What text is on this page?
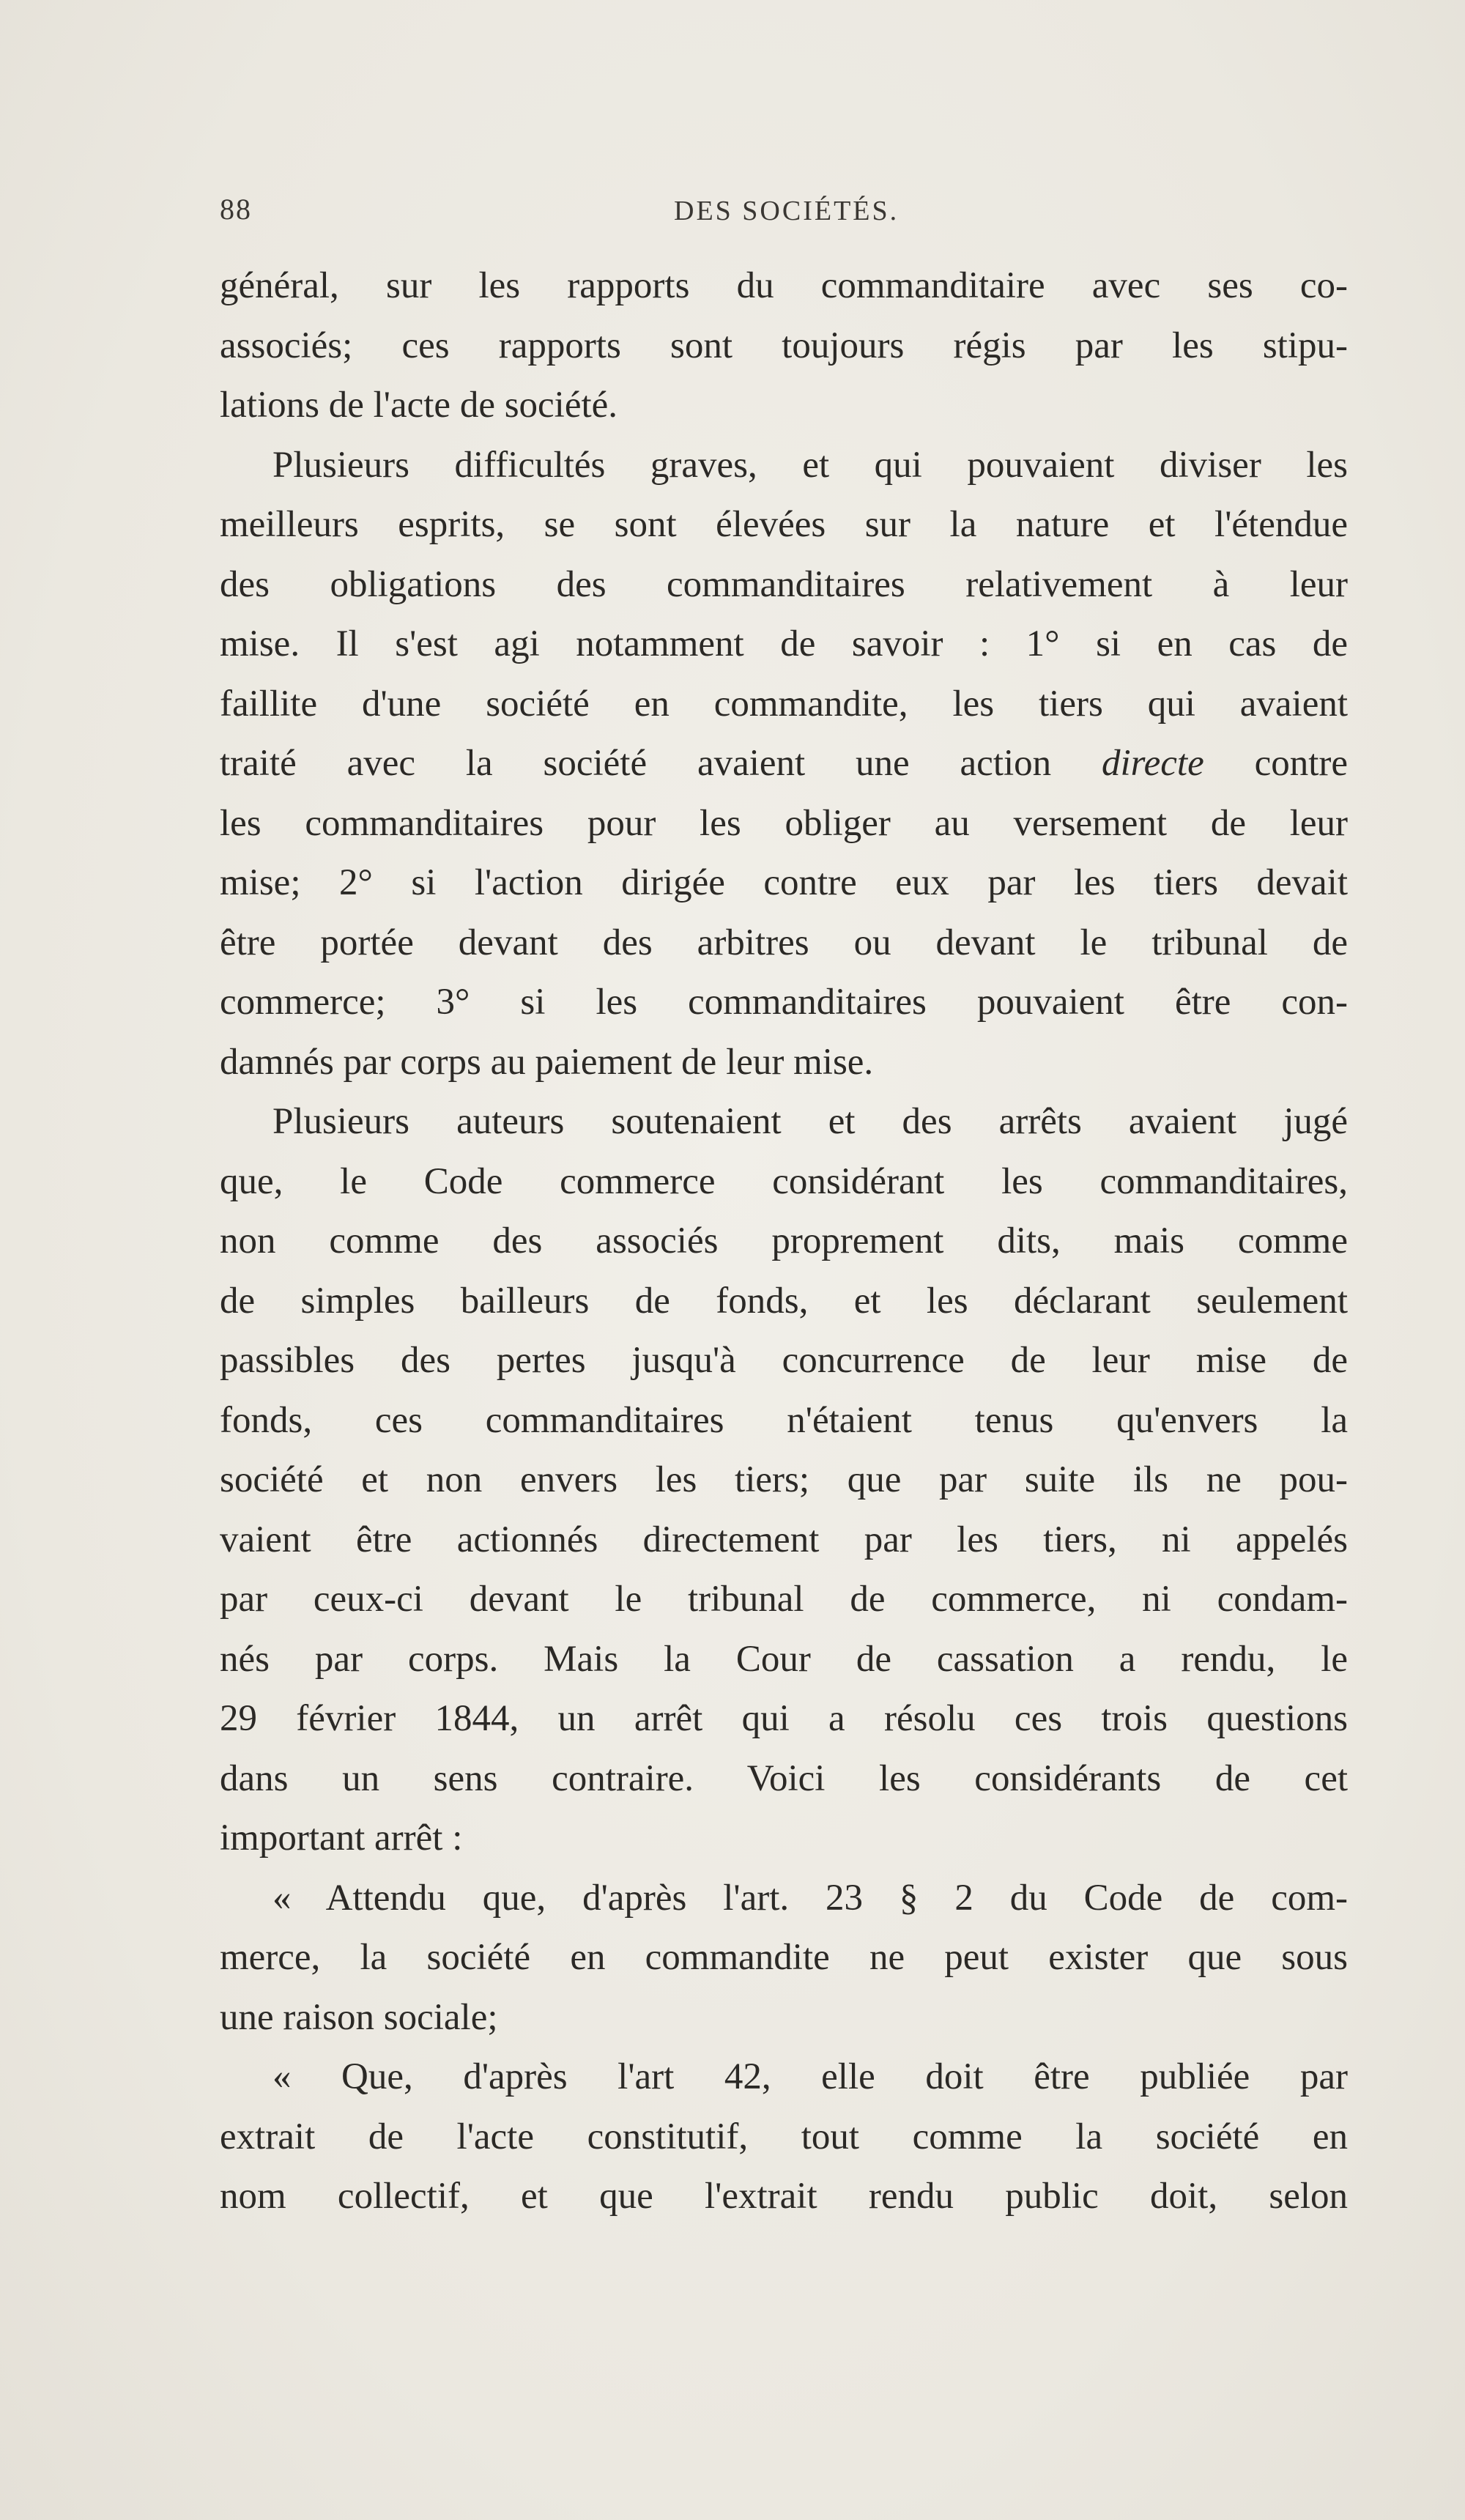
88	DES SOCIÉTÉS.
général, sur les rapports du commanditaire avec ses co-
associés; ces rapports sont toujours régis par les stipu-
lations de l'acte de société.
Plusieurs difficultés graves, et qui pouvaient diviser les
meilleurs esprits, se sont élevées sur la nature et l'étendue
des obligations des commanditaires relativement à leur
mise. Il s'est agi notamment de savoir : 1° si en cas de
faillite d'une société en commandite, les tiers qui avaient
traité avec la société avaient une action directe contre
les commanditaires pour les obliger au versement de leur
mise; 2° si l'action dirigée contre eux par les tiers devait
être portée devant des arbitres ou devant le tribunal de
commerce; 3° si les commanditaires pouvaient être con-
damnés par corps au paiement de leur mise.
Plusieurs auteurs soutenaient et des arrêts avaient jugé
que, le Code commerce considérant les commanditaires,
non comme des associés proprement dits, mais comme
de simples bailleurs de fonds, et les déclarant seulement
passibles des pertes jusqu'à concurrence de leur mise de
fonds, ces commanditaires n'étaient tenus qu'envers la
société et non envers les tiers; que par suite ils ne pou-
vaient être actionnés directement par les tiers, ni appelés
par ceux-ci devant le tribunal de commerce, ni condam-
nés par corps. Mais la Cour de cassation a rendu, le
29 février 1844, un arrêt qui a résolu ces trois questions
dans un sens contraire. Voici les considérants de cet
important arrêt :
« Attendu que, d'après l'art. 23 § 2 du Code de com-
merce, la société en commandite ne peut exister que sous
une raison sociale;
« Que, d'après l'art 42, elle doit être publiée par
extrait de l'acte constitutif, tout comme la société en
nom collectif, et que l'extrait rendu public doit, selon
